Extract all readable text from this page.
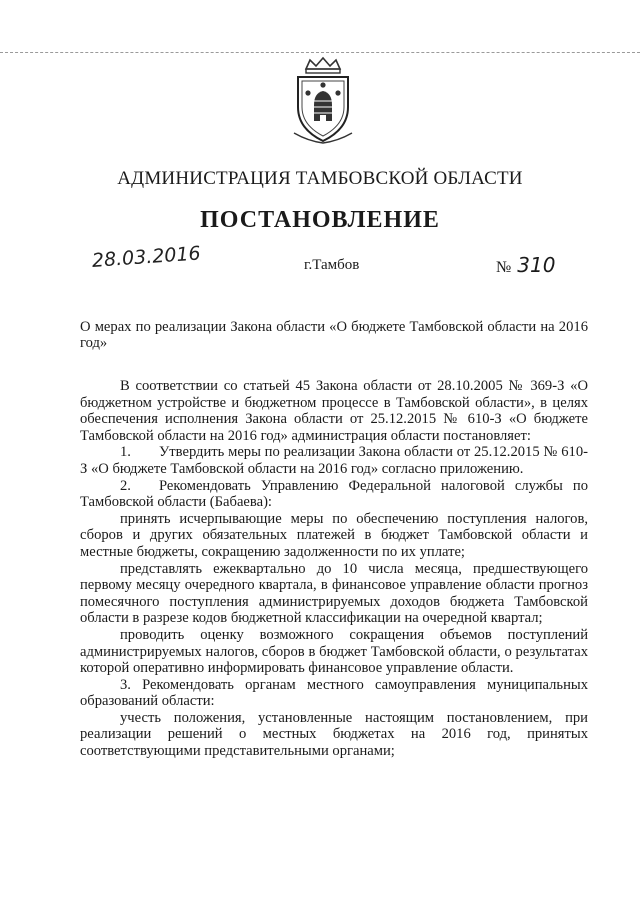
АДМИНИСТРАЦИЯ ТАМБОВСКОЙ ОБЛАСТИ
ПОСТАНОВЛЕНИЕ
28.03.2016	г.Тамбов	№ 310
О мерах по реализации Закона области «О бюджете Тамбовской области на 2016 год»

В соответствии со статьей 45 Закона области от 28.10.2005 № 369-З «О бюджетном устройстве и бюджетном процессе в Тамбовской области», в целях обеспечения исполнения Закона области от 25.12.2015 № 610-З «О бюджете Тамбовской области на 2016 год» администрация области постановляет:

1. Утвердить меры по реализации Закона области от 25.12.2015 № 610-З «О бюджете Тамбовской области на 2016 год» согласно приложению.

2. Рекомендовать Управлению Федеральной налоговой службы по Тамбовской области (Бабаева):

принять исчерпывающие меры по обеспечению поступления налогов, сборов и других обязательных платежей в бюджет Тамбовской области и местные бюджеты, сокращению задолженности по их уплате;

представлять ежеквартально до 10 числа месяца, предшествующего первому месяцу очередного квартала, в финансовое управление области прогноз помесячного поступления администрируемых доходов бюджета Тамбовской области в разрезе кодов бюджетной классификации на очередной квартал;

проводить оценку возможного сокращения объемов поступлений администрируемых налогов, сборов в бюджет Тамбовской области, о результатах которой оперативно информировать финансовое управление области.

3. Рекомендовать органам местного самоуправления муниципальных образований области:

учесть положения, установленные настоящим постановлением, при реализации решений о местных бюджетах на 2016 год, принятых соответствующими представительными органами;
